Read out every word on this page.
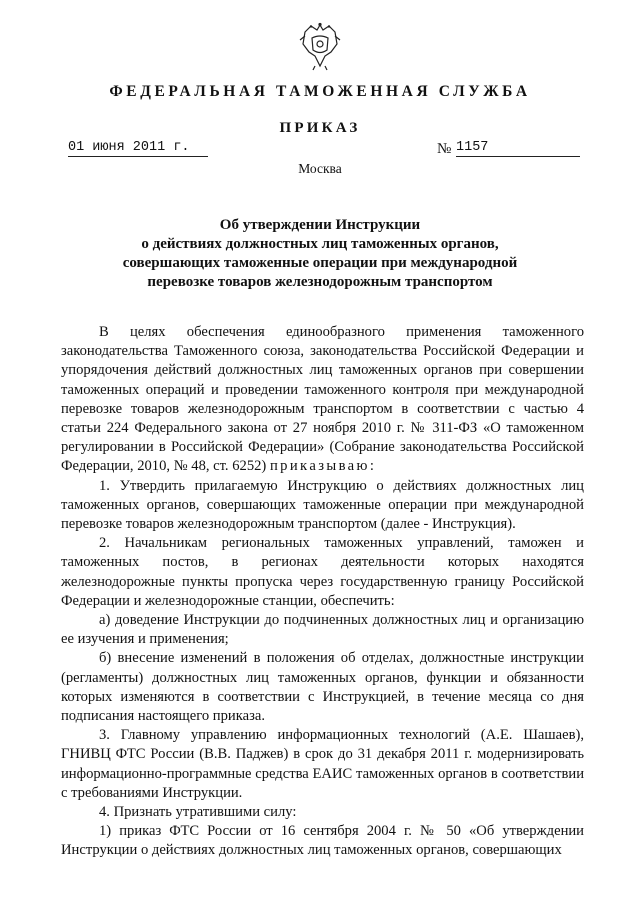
ФЕДЕРАЛЬНАЯ ТАМОЖЕННАЯ СЛУЖБА
ПРИКАЗ
01 июня 2011 г.	№ 1157
Москва
Об утверждении Инструкции
о действиях должностных лиц таможенных органов,
совершающих таможенные операции при международной
перевозке товаров железнодорожным транспортом

В целях обеспечения единообразного применения таможенного законодательства Таможенного союза, законодательства Российской Федерации и упорядочения действий должностных лиц таможенных органов при совершении таможенных операций и проведении таможенного контроля при международной перевозке товаров железнодорожным транспортом в соответствии с частью 4 статьи 224 Федерального закона от 27 ноября 2010 г. № 311-ФЗ «О таможенном регулировании в Российской Федерации» (Собрание законодательства Российской Федерации, 2010, № 48, ст. 6252) приказываю:

1. Утвердить прилагаемую Инструкцию о действиях должностных лиц таможенных органов, совершающих таможенные операции при международной перевозке товаров железнодорожным транспортом (далее - Инструкция).

2. Начальникам региональных таможенных управлений, таможен и таможенных постов, в регионах деятельности которых находятся железнодорожные пункты пропуска через государственную границу Российской Федерации и железнодорожные станции, обеспечить:

а) доведение Инструкции до подчиненных должностных лиц и организацию ее изучения и применения;

б) внесение изменений в положения об отделах, должностные инструкции (регламенты) должностных лиц таможенных органов, функции и обязанности которых изменяются в соответствии с Инструкцией, в течение месяца со дня подписания настоящего приказа.

3. Главному управлению информационных технологий (А.Е. Шашаев), ГНИВЦ ФТС России (В.В. Паджев) в срок до 31 декабря 2011 г. модернизировать информационно-программные средства ЕАИС таможенных органов в соответствии с требованиями Инструкции.

4. Признать утратившими силу:

1) приказ ФТС России от 16 сентября 2004 г. № 50 «Об утверждении Инструкции о действиях должностных лиц таможенных органов, совершающих
